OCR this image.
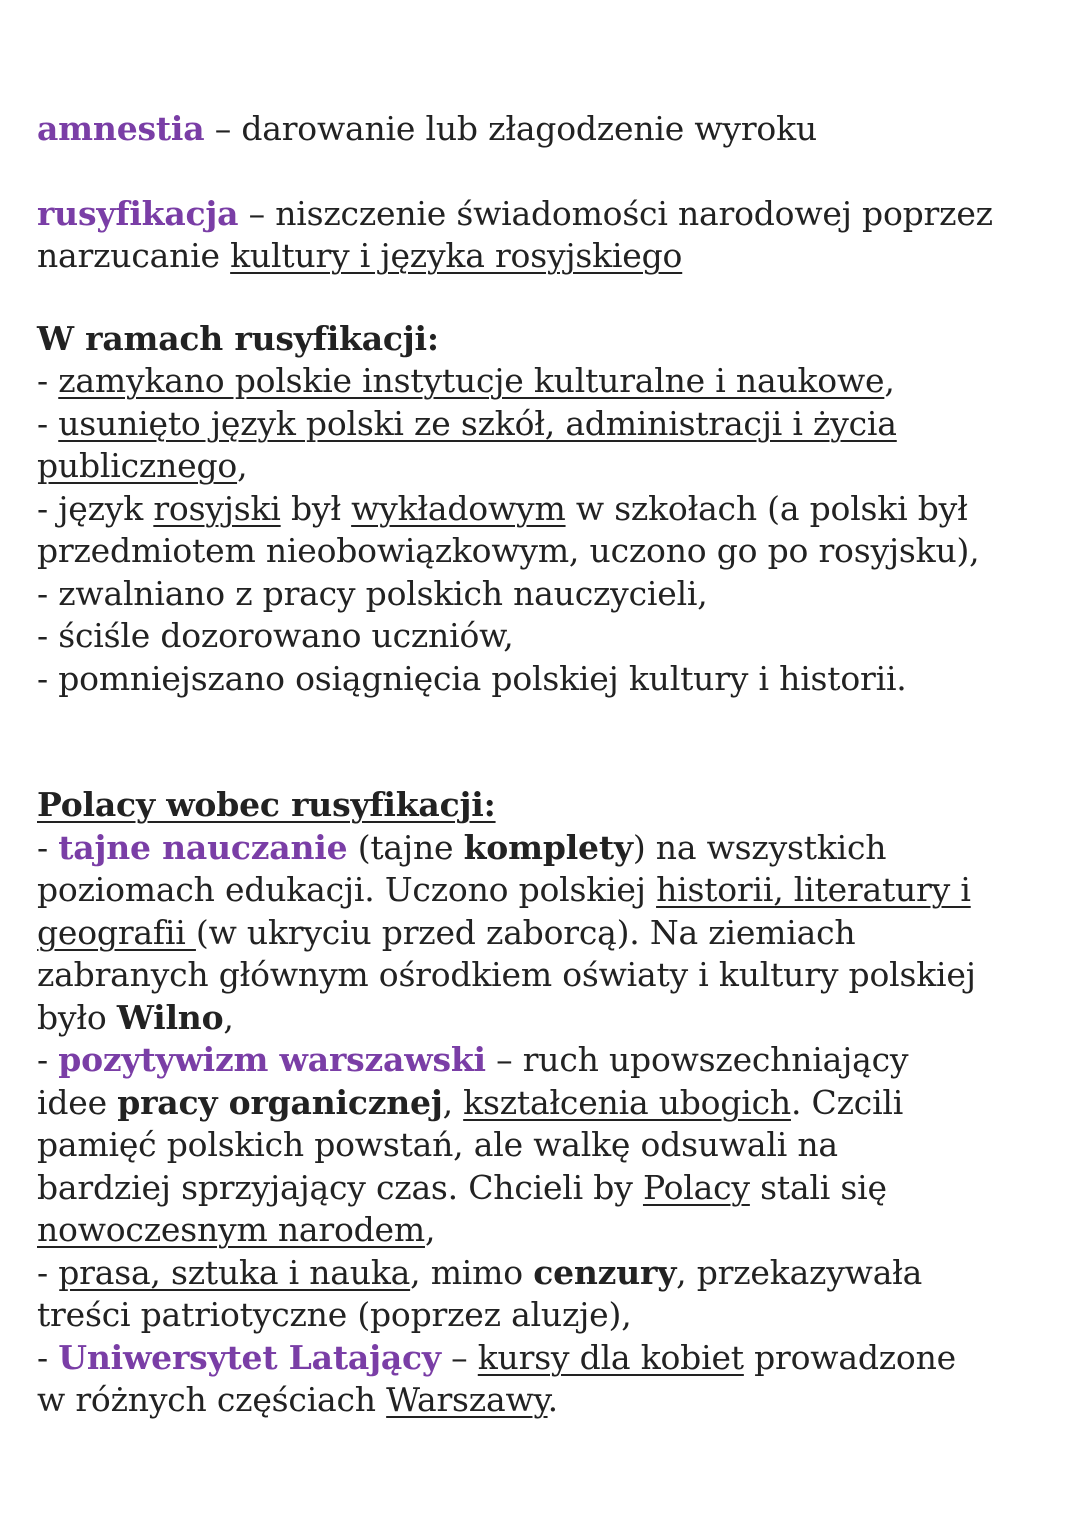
amnestia – darowanie lub złagodzenie wyroku

rusyfikacja – niszczenie świadomości narodowej poprzez
narzucanie kultury i języka rosyjskiego
W ramach rusyfikacji:
- zamykano polskie instytucje kulturalne i naukowe,
- usunięto język polski ze szkół, administracji i życia
publicznego,
- język rosyjski był wykładowym w szkołach (a polski był
przedmiotem nieobowiązkowym, uczono go po rosyjsku),
- zwalniano z pracy polskich nauczycieli,
- ściśle dozorowano uczniów,
- pomniejszano osiągnięcia polskiej kultury i historii.
Polacy wobec rusyfikacji:
- tajne nauczanie (tajne komplety) na wszystkich
poziomach edukacji. Uczono polskiej historii, literatury i
geografii (w ukryciu przed zaborcą). Na ziemiach
zabranych głównym ośrodkiem oświaty i kultury polskiej
było Wilno,
- pozytywizm warszawski – ruch upowszechniający
idee pracy organicznej, kształcenia ubogich. Czcili
pamięć polskich powstań, ale walkę odsuwali na
bardziej sprzyjający czas. Chcieli by Polacy stali się
nowoczesnym narodem,
- prasa, sztuka i nauka, mimo cenzury, przekazywała
treści patriotyczne (poprzez aluzje),
- Uniwersytet Latający – kursy dla kobiet prowadzone
w różnych częściach Warszawy.
